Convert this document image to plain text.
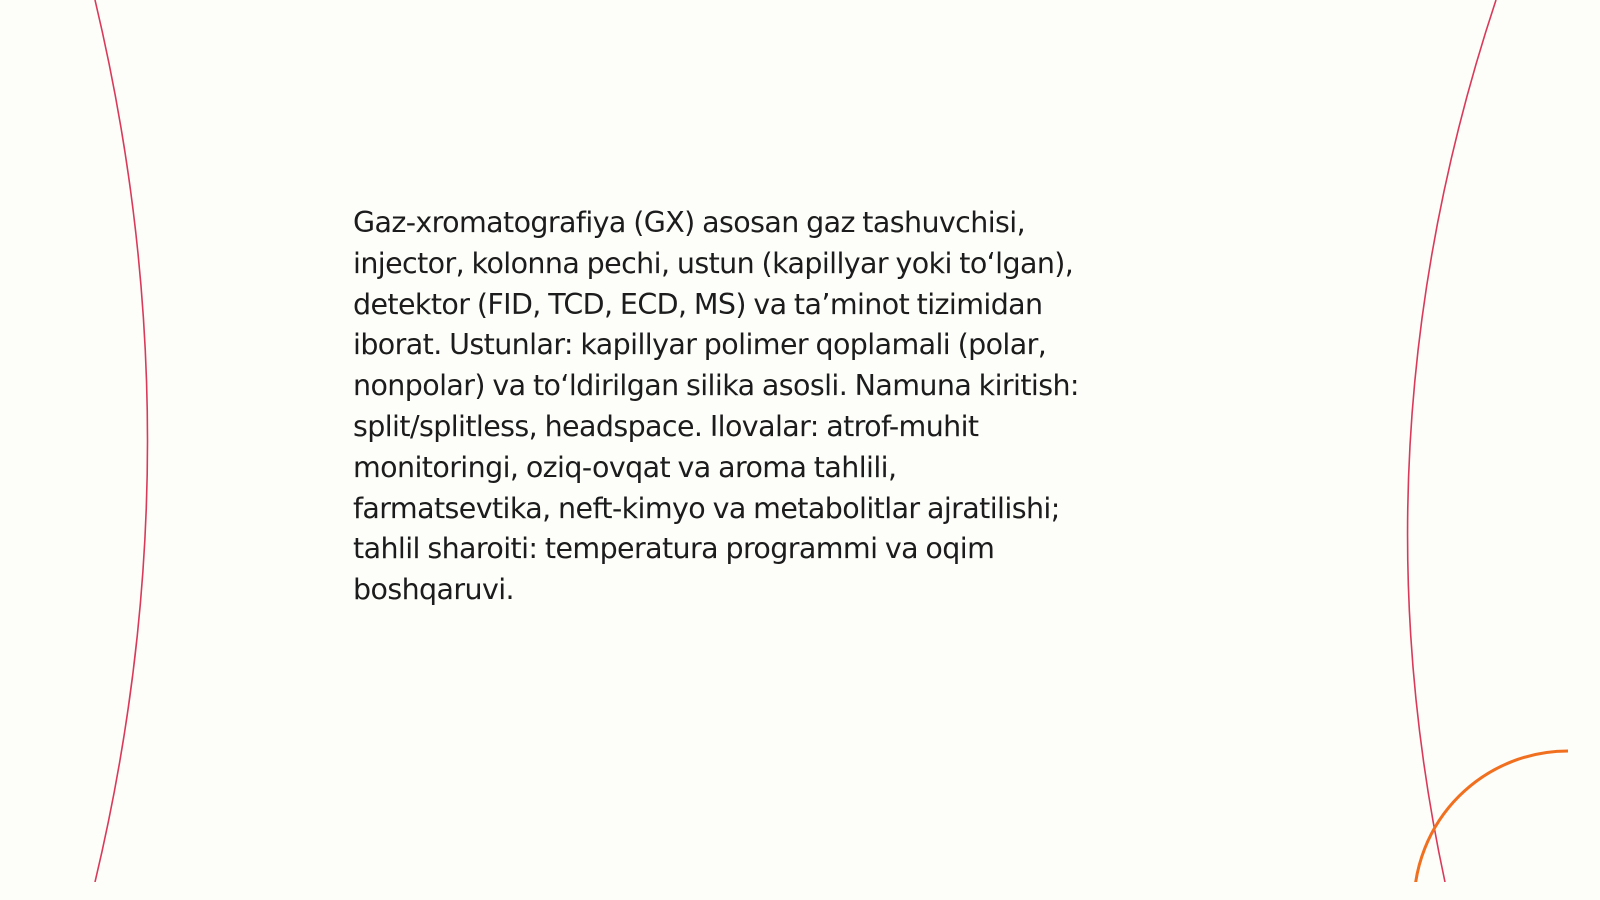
Gaz-xromatografiya (GX) asosan gaz tashuvchisi,
injector, kolonna pechi, ustun (kapillyar yoki to‘lgan),
detektor (FID, TCD, ECD, MS) va ta’minot tizimidan
iborat. Ustunlar: kapillyar polimer qoplamali (polar,
nonpolar) va to‘ldirilgan silika asosli. Namuna kiritish:
split/splitless, headspace. Ilovalar: atrof-muhit
monitoringi, oziq-ovqat va aroma tahlili,
farmatsevtika, neft-kimyo va metabolitlar ajratilishi;
tahlil sharoiti: temperatura programmi va oqim
boshqaruvi.
